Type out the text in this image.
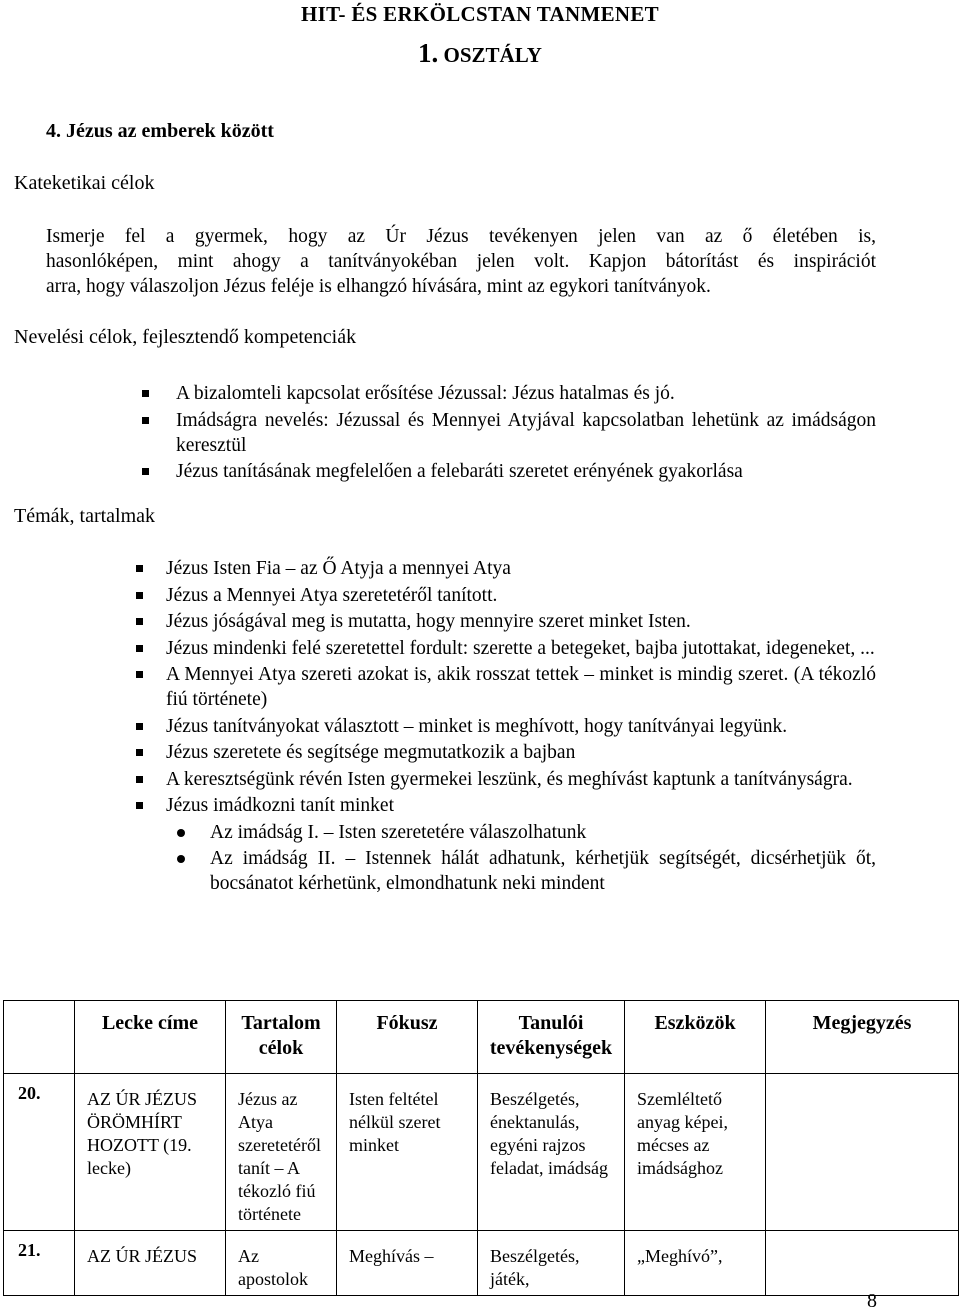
HIT- ÉS ERKÖLCSTAN TANMENET
1. OSZTÁLY
4. Jézus az emberek között
Kateketikai célok
Ismerje fel a gyermek, hogy az Úr Jézus tevékenyen jelen van az ő életében is,
hasonlóképen, mint ahogy a tanítványokéban jelen volt. Kapjon bátorítást és inspirációt
arra, hogy válaszoljon Jézus feléje is elhangzó hívására, mint az egykori tanítványok.
Nevelési célok, fejlesztendő kompetenciák
A bizalomteli kapcsolat erősítése Jézussal: Jézus hatalmas és jó.
Imádságra nevelés: Jézussal és Mennyei Atyjával kapcsolatban lehetünk az imádságon keresztül
Jézus tanításának megfelelően a felebaráti szeretet erényének gyakorlása
Témák, tartalmak
Jézus Isten Fia – az Ő Atyja a mennyei Atya
Jézus a Mennyei Atya szeretetéről tanított.
Jézus jóságával meg is mutatta, hogy mennyire szeret minket Isten.
Jézus mindenki felé szeretettel fordult: szerette a betegeket, bajba jutottakat, idegeneket, ...
A Mennyei Atya szereti azokat is, akik rosszat tettek – minket is mindig szeret. (A tékozló fiú története)
Jézus tanítványokat választott – minket is meghívott, hogy tanítványai legyünk.
Jézus szeretete és segítsége megmutatkozik a bajban
A keresztségünk révén Isten gyermekei leszünk, és meghívást kaptunk a tanítványságra.
Jézus imádkozni tanít minket
Az imádság I. – Isten szeretetére válaszolhatunk
Az imádság II. – Istennek hálát adhatunk, kérhetjük segítségét, dicsérhetjük őt, bocsánatot kérhetünk, elmondhatunk neki mindent
	Lecke címe	Tartalom célok	Fókusz	Tanulói tevékenységek	Eszközök	Megjegyzés
20.	AZ ÚR JÉZUS ÖRÖMHÍRT HOZOTT (19. lecke)	Jézus az Atya szeretetéről tanít – A tékozló fiú története	Isten feltétel nélkül szeret minket	Beszélgetés, énektanulás, egyéni rajzos feladat, imádság	Szemléltető anyag képei, mécses az imádsághoz	
21.	AZ ÚR JÉZUS	Az apostolok	Meghívás –	Beszélgetés, játék,	„Meghívó”,	
8
